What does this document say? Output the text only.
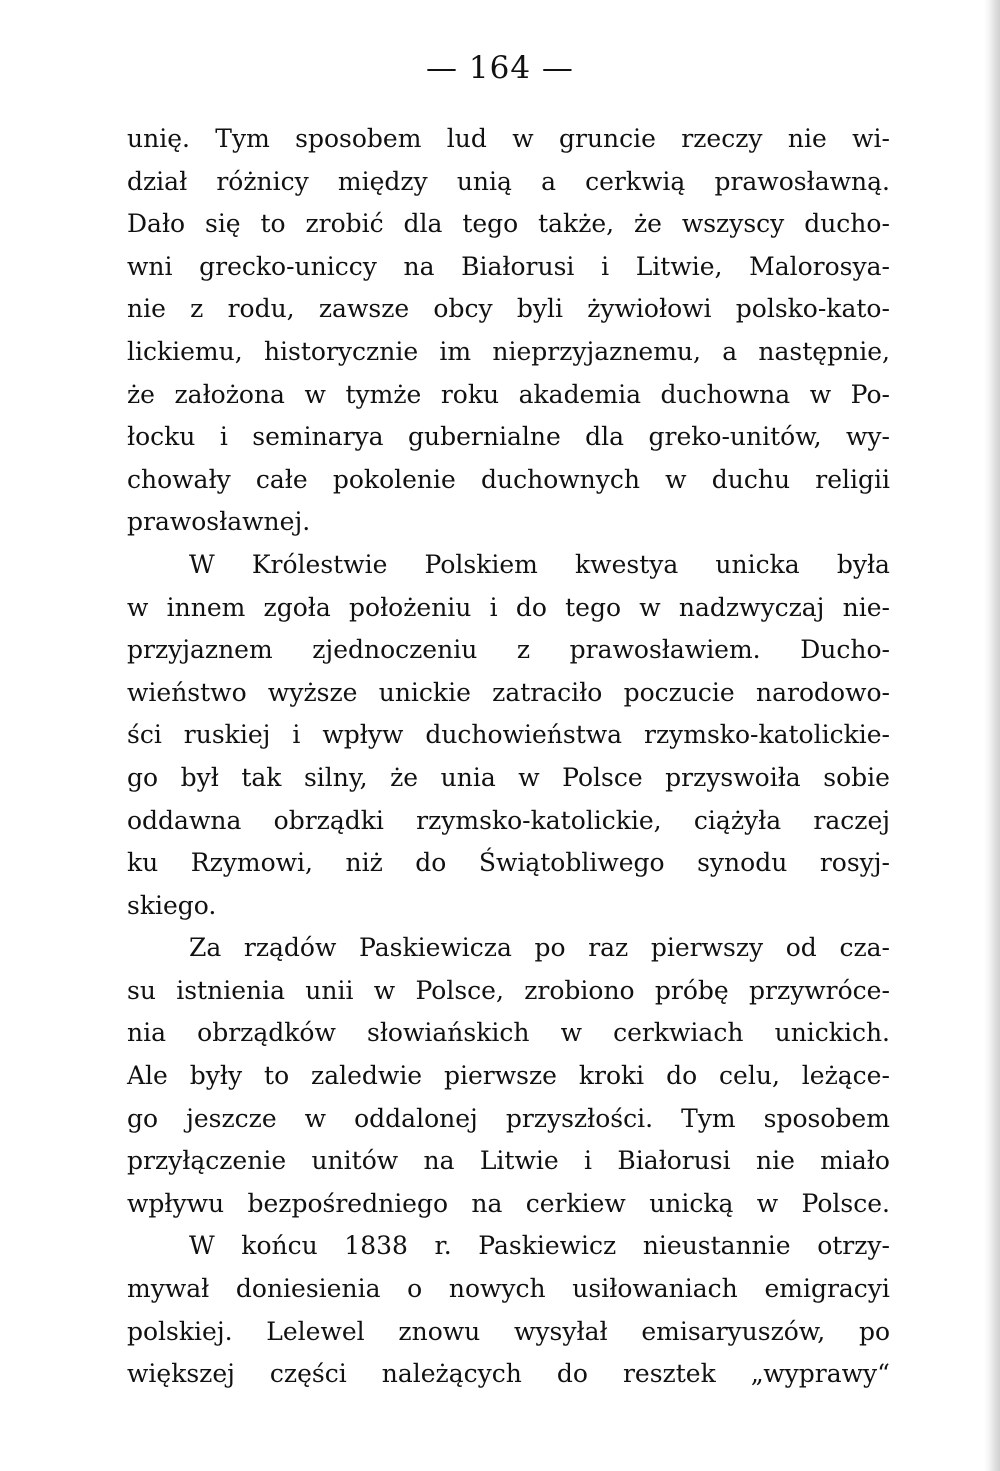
— 164 —
unię. Tym sposobem lud w gruncie rzeczy nie wi-
dział różnicy między unią a cerkwią prawosławną.
Dało się to zrobić dla tego także, że wszyscy ducho-
wni grecko-uniccy na Białorusi i Litwie, Malorosya-
nie z rodu, zawsze obcy byli żywiołowi polsko-kato-
lickiemu, historycznie im nieprzyjaznemu, a następnie,
że założona w tymże roku akademia duchowna w Po-
łocku i seminarya gubernialne dla greko-unitów, wy-
chowały całe pokolenie duchownych w duchu religii
prawosławnej.
W Królestwie Polskiem kwestya unicka była
w innem zgoła położeniu i do tego w nadzwyczaj nie-
przyjaznem zjednoczeniu z prawosławiem. Ducho-
wieństwo wyższe unickie zatraciło poczucie narodowo-
ści ruskiej i wpływ duchowieństwa rzymsko-katolickie-
go był tak silny, że unia w Polsce przyswoiła sobie
oddawna obrządki rzymsko-katolickie, ciążyła raczej
ku Rzymowi, niż do Świątobliwego synodu rosyj-
skiego.
Za rządów Paskiewicza po raz pierwszy od cza-
su istnienia unii w Polsce, zrobiono próbę przywróce-
nia obrządków słowiańskich w cerkwiach unickich.
Ale były to zaledwie pierwsze kroki do celu, leżące-
go jeszcze w oddalonej przyszłości. Tym sposobem
przyłączenie unitów na Litwie i Białorusi nie miało
wpływu bezpośredniego na cerkiew unicką w Polsce.
W końcu 1838 r. Paskiewicz nieustannie otrzy-
mywał doniesienia o nowych usiłowaniach emigracyi
polskiej. Lelewel znowu wysyłał emisaryuszów, po
większej części należących do resztek „wyprawy“
